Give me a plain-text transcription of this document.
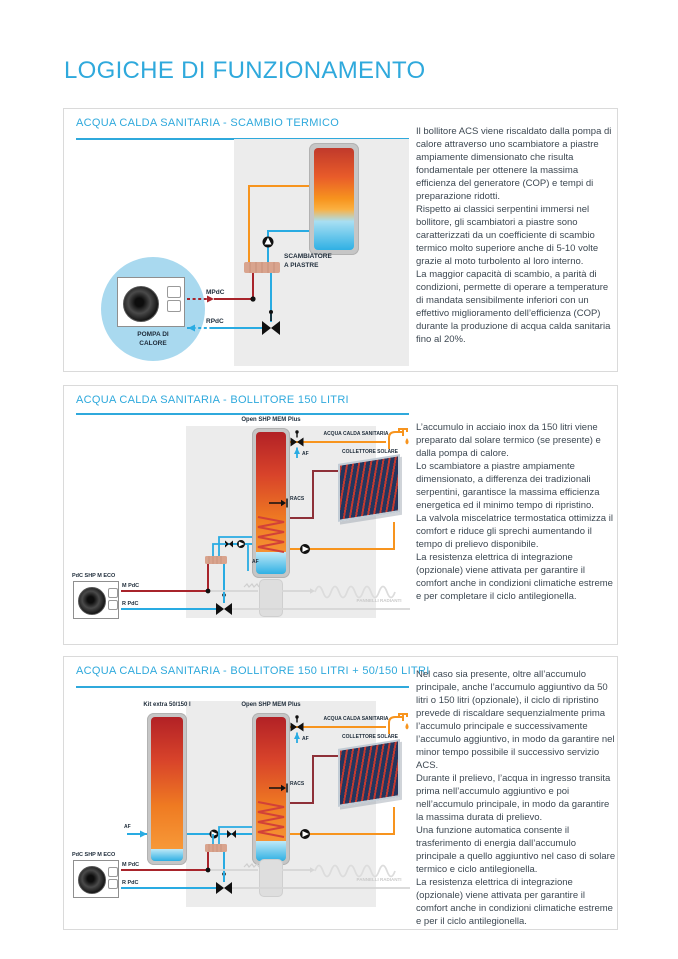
LOGICHE DI FUNZIONAMENTO
ACQUA CALDA SANITARIA - SCAMBIO TERMICO
SCAMBIATORE
A PIASTRE
POMPA DI
CALORE
MPdC
RPdC

Il bollitore ACS viene riscaldato dalla pompa di calore attraverso uno scambiatore a piastre ampiamente dimensionato che risulta fondamentale per ottenere la massima efficienza del generatore (COP) e tempi di preparazione ridotti.

Rispetto ai classici serpentini immersi nel bollitore, gli scambiatori a piastre sono caratterizzati da un coefficiente di scambio termico molto superiore anche di 5-10 volte grazie al moto turbolento al loro interno.

La maggior capacità di scambio, a parità di condizioni, permette di operare a temperature di mandata sensibilmente inferiori con un effettivo miglioramento dell’efficienza (COP) durante la produzione di acqua calda sanitaria fino al 20%.

ACQUA CALDA SANITARIA - BOLLITORE 150 LITRI
Open SHP MEM Plus
ACQUA CALDA SANITARIA
COLLETTORE SOLARE
RACS
AF
AF
PdC SHP M ECO
M PdC
R PdC
PANNELLI RADIANTI

L’accumulo in acciaio inox da 150 litri viene preparato dal solare termico (se presente) e dalla pompa di calore.

Lo scambiatore a piastre ampiamente dimensionato, a differenza dei tradizionali serpentini, garantisce la massima efficienza energetica ed il minimo tempo di ripristino.

La valvola miscelatrice termostatica ottimizza il comfort e riduce gli sprechi aumentando il tempo di prelievo disponibile.

La resistenza elettrica di integrazione (opzionale) viene attivata per garantire il comfort anche in condizioni climatiche estreme e per completare il ciclo antilegionella.

ACQUA CALDA SANITARIA - BOLLITORE 150 LITRI + 50/150 LITRI
Kit extra 50/150 l	Open SHP MEM Plus
ACQUA CALDA SANITARIA
COLLETTORE SOLARE
RACS
AF
AF
PdC SHP M ECO
M PdC
R PdC
PANNELLI RADIANTI

Nel caso sia presente, oltre all’accumulo principale, anche l’accumulo aggiuntivo da 50 litri o 150 litri (opzionale), il ciclo di ripristino prevede di riscaldare sequenzialmente prima l’accumulo principale e successivamente l’accumulo aggiuntivo, in modo da garantire nel minor tempo possibile il successivo servizio ACS.

Durante il prelievo, l’acqua in ingresso transita prima nell’accumulo aggiuntivo e poi nell’accumulo principale, in modo da garantire la massima durata di prelievo.

Una funzione automatica consente il trasferimento di energia dall’accumulo principale a quello aggiuntivo nel caso di solare termico e ciclo antilegionella.

La resistenza elettrica di integrazione (opzionale) viene attivata per garantire il comfort anche in condizioni climatiche estreme e per il ciclo antilegionella.
